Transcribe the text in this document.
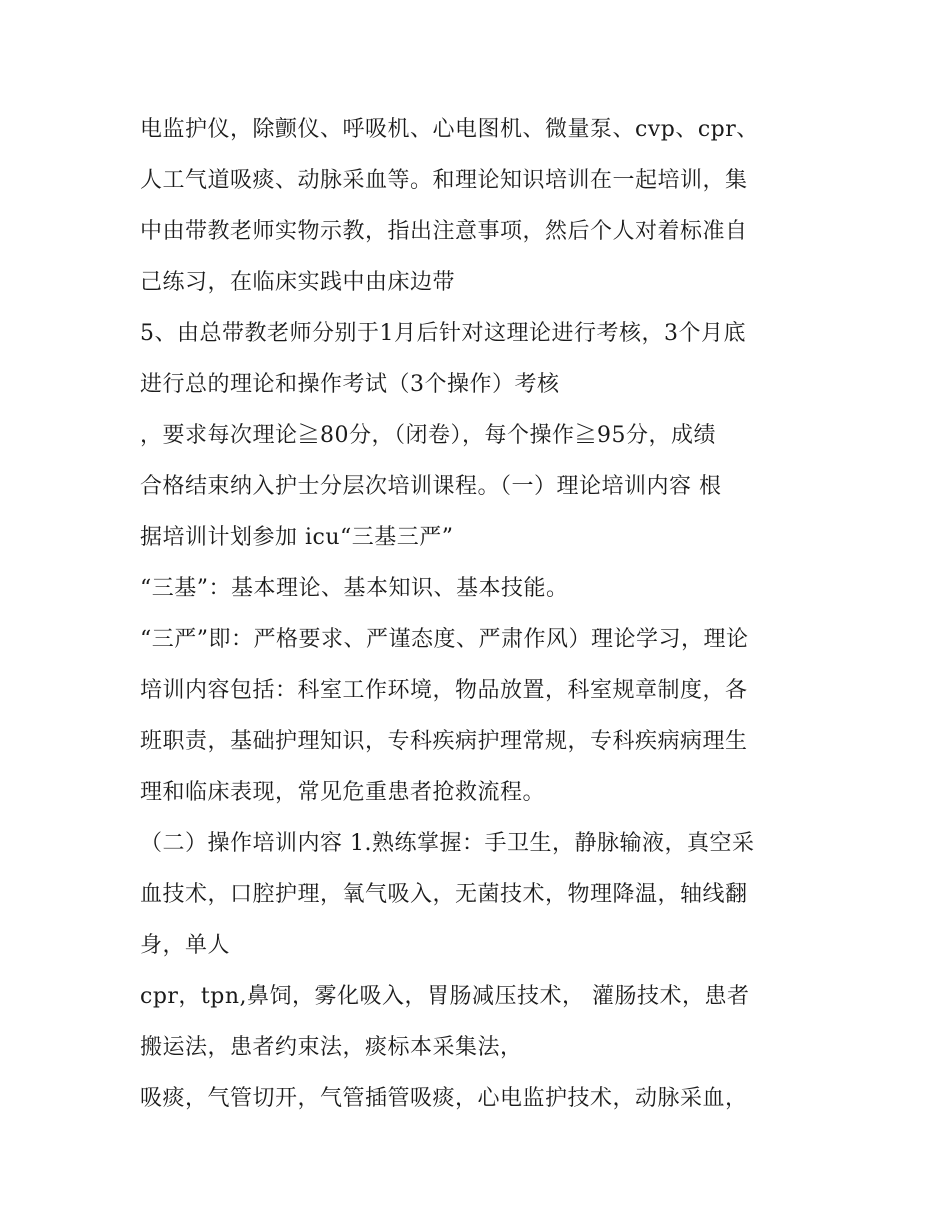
电监护仪，除颤仪、呼吸机、心电图机、微量泵、cvp、cpr、
人工气道吸痰、动脉采血等。和理论知识培训在一起培训，集
中由带教老师实物示教，指出注意事项，然后个人对着标准自
己练习，在临床实践中由床边带
5、由总带教老师分别于1月后针对这理论进行考核，3个月底
进行总的理论和操作考试（3个操作）考核
，要求每次理论≧80分，（闭卷），每个操作≧95分，成绩
合格结束纳入护士分层次培训课程。（一）理论培训内容 根
据培训计划参加 icu“三基三严”
“三基”：基本理论、基本知识、基本技能。
“三严”即：严格要求、严谨态度、严肃作风）理论学习，理论
培训内容包括：科室工作环境，物品放置，科室规章制度，各
班职责，基础护理知识，专科疾病护理常规，专科疾病病理生
理和临床表现，常见危重患者抢救流程。
（二）操作培训内容 1.熟练掌握：手卫生，静脉输液，真空采
血技术，口腔护理，氧气吸入，无菌技术，物理降温，轴线翻
身，单人
cpr，tpn,鼻饲，雾化吸入，胃肠减压技术， 灌肠技术，患者
搬运法，患者约束法，痰标本采集法，
吸痰，气管切开，气管插管吸痰，心电监护技术，动脉采血，
